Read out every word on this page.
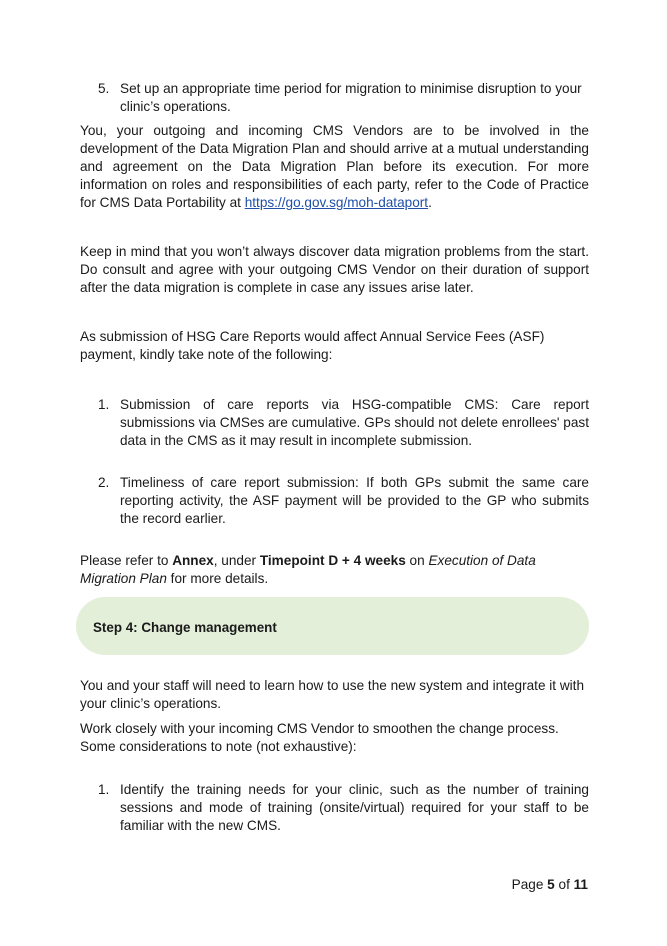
5. Set up an appropriate time period for migration to minimise disruption to your clinic’s operations.

You, your outgoing and incoming CMS Vendors are to be involved in the development of the Data Migration Plan and should arrive at a mutual understanding and agreement on the Data Migration Plan before its execution. For more information on roles and responsibilities of each party, refer to the Code of Practice for CMS Data Portability at https://go.gov.sg/moh-dataport.

Keep in mind that you won’t always discover data migration problems from the start. Do consult and agree with your outgoing CMS Vendor on their duration of support after the data migration is complete in case any issues arise later.

As submission of HSG Care Reports would affect Annual Service Fees (ASF) payment, kindly take note of the following:

1. Submission of care reports via HSG-compatible CMS: Care report submissions via CMSes are cumulative. GPs should not delete enrollees' past data in the CMS as it may result in incomplete submission.
2. Timeliness of care report submission: If both GPs submit the same care reporting activity, the ASF payment will be provided to the GP who submits the record earlier.

Please refer to Annex, under Timepoint D + 4 weeks on Execution of Data Migration Plan for more details.

Step 4: Change management

You and your staff will need to learn how to use the new system and integrate it with your clinic’s operations.

Work closely with your incoming CMS Vendor to smoothen the change process. Some considerations to note (not exhaustive):

1. Identify the training needs for your clinic, such as the number of training sessions and mode of training (onsite/virtual) required for your staff to be familiar with the new CMS.
Page 5 of 11
